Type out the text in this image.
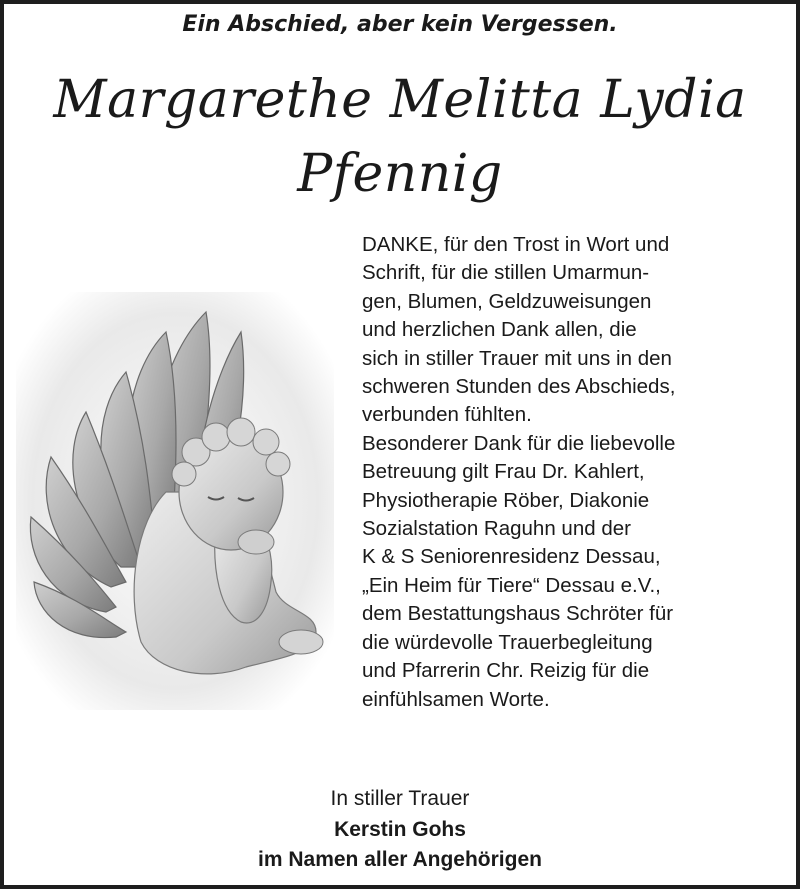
Ein Abschied, aber kein Vergessen.
Margarethe Melitta Lydia
Pfennig
DANKE, für den Trost in Wort und
Schrift, für die stillen Umarmun-
gen, Blumen, Geldzuweisungen
und herzlichen Dank allen, die
sich in stiller Trauer mit uns in den
schweren Stunden des Abschieds,
verbunden fühlten.
Besonderer Dank für die liebevolle
Betreuung gilt Frau Dr. Kahlert,
Physiotherapie Röber, Diakonie
Sozialstation Raguhn und der
K & S Seniorenresidenz Dessau,
„Ein Heim für Tiere“ Dessau e.V.,
dem Bestattungshaus Schröter für
die würdevolle Trauerbegleitung
und Pfarrerin Chr. Reizig für die
einfühlsamen Worte.
In stiller Trauer
Kerstin Gohs
im Namen aller Angehörigen
